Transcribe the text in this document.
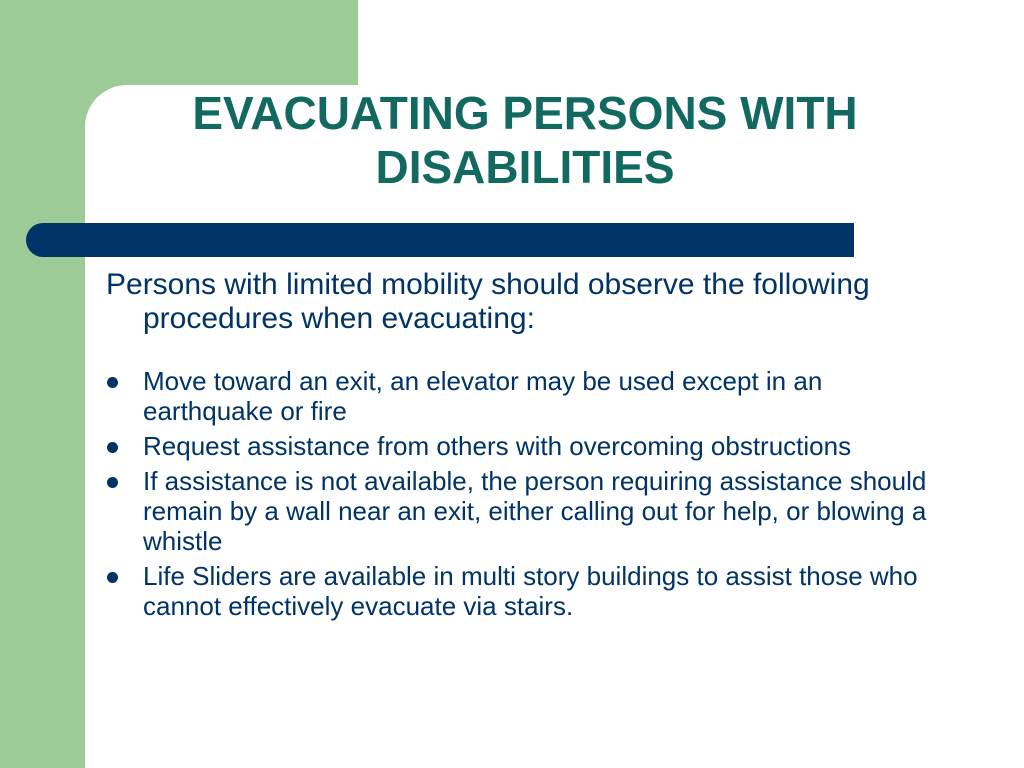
EVACUATING PERSONS WITH DISABILITIES

Persons with limited mobility should observe the following procedures when evacuating:

Move toward an exit, an elevator may be used except in an earthquake or fire
Request assistance from others with overcoming obstructions
If assistance is not available, the person requiring assistance should remain by a wall near an exit, either calling out for help, or blowing a whistle
Life Sliders are available in multi story buildings to assist those who cannot effectively evacuate via stairs.
